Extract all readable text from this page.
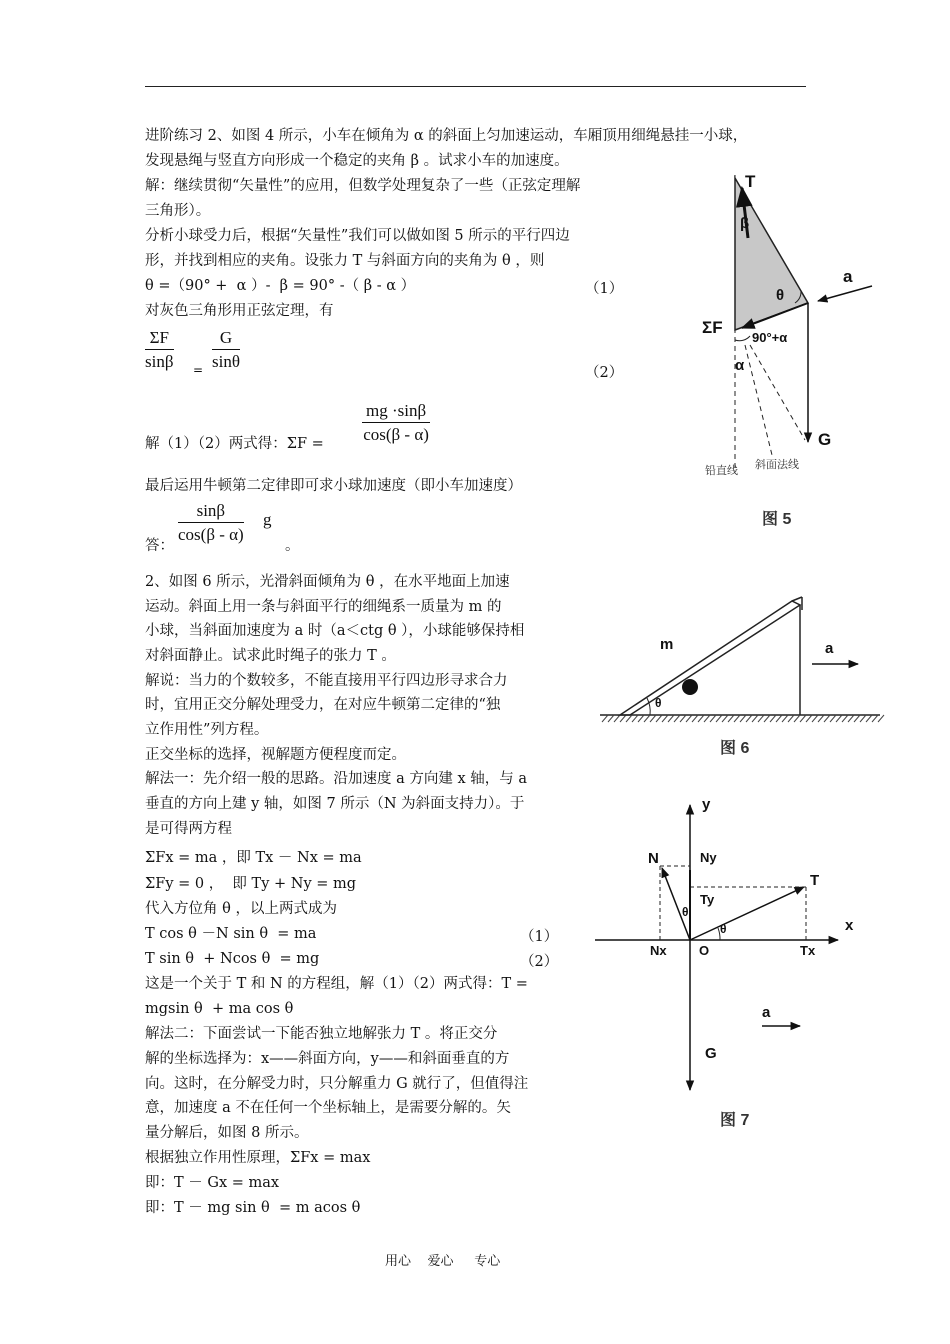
进阶练习 2、如图 4 所示，小车在倾角为 α 的斜面上匀加速运动，车厢顶用细绳悬挂一小球，
发现悬绳与竖直方向形成一个稳定的夹角 β 。试求小车的加速度。
解：继续贯彻“矢量性”的应用，但数学处理复杂了一些（正弦定理解
三角形）。
分析小球受力后，根据“矢量性”我们可以做如图 5 所示的平行四边
形，并找到相应的夹角。设张力 T 与斜面方向的夹角为 θ ，则
θ =（90° +  α ）-  β = 90° -（ β - α ）
对灰色三角形用正弦定理，有
（1）
$\frac{\Sigma F}{\sin\beta} = \frac{G}{\sin\theta}$	（2）
解（1）（2）两式得：$\Sigma F = \frac{mg \cdot\sin\beta}{\cos(\beta - \alpha)}$
最后运用牛顿第二定律即可求小球加速度（即小车加速度）
答： $\frac{\sin\beta}{\cos(\beta - \alpha)}$ g
。
2、如图 6 所示，光滑斜面倾角为 θ ，在水平地面上加速
运动。斜面上用一条与斜面平行的细绳系一质量为 m 的
小球，当斜面加速度为 a 时（a＜ctg θ ），小球能够保持相
对斜面静止。试求此时绳子的张力 T 。
解说：当力的个数较多，不能直接用平行四边形寻求合力
时，宜用正交分解处理受力，在对应牛顿第二定律的“独
立作用性”列方程。
正交坐标的选择，视解题方便程度而定。
解法一：先介绍一般的思路。沿加速度 a 方向建 x 轴，与 a
垂直的方向上建 y 轴，如图 7 所示（N 为斜面支持力）。于
是可得两方程
ΣFx = ma ，即 Tx － Nx = ma
ΣFy = 0 ，  即 Ty + Ny = mg
代入方位角 θ ，以上两式成为
T cos θ －N sin θ  = ma
T sin θ  + Ncos θ  = mg
这是一个关于 T 和 N 的方程组，解（1）（2）两式得：T =
mgsin θ  + ma cos θ
解法二：下面尝试一下能否独立地解张力 T 。将正交分
解的坐标选择为：x——斜面方向，y——和斜面垂直的方
向。这时，在分解受力时，只分解重力 G 就行了，但值得注
意，加速度 a 不在任何一个坐标轴上，是需要分解的。矢
量分解后，如图 8 所示。
根据独立作用性原理，ΣFx = max
即：T － Gx = max
即：T － mg sin θ  = m acos θ
（1）
（2）
T
β
θ
a
ΣF
90°+α
α
G
铅直线 斜面法线
图 5
m
θ
a
图 6
y
x
N	Ny
Ty
T
θ
θ
Nx O	Tx
a
G
图 7
用心    爱心     专心
